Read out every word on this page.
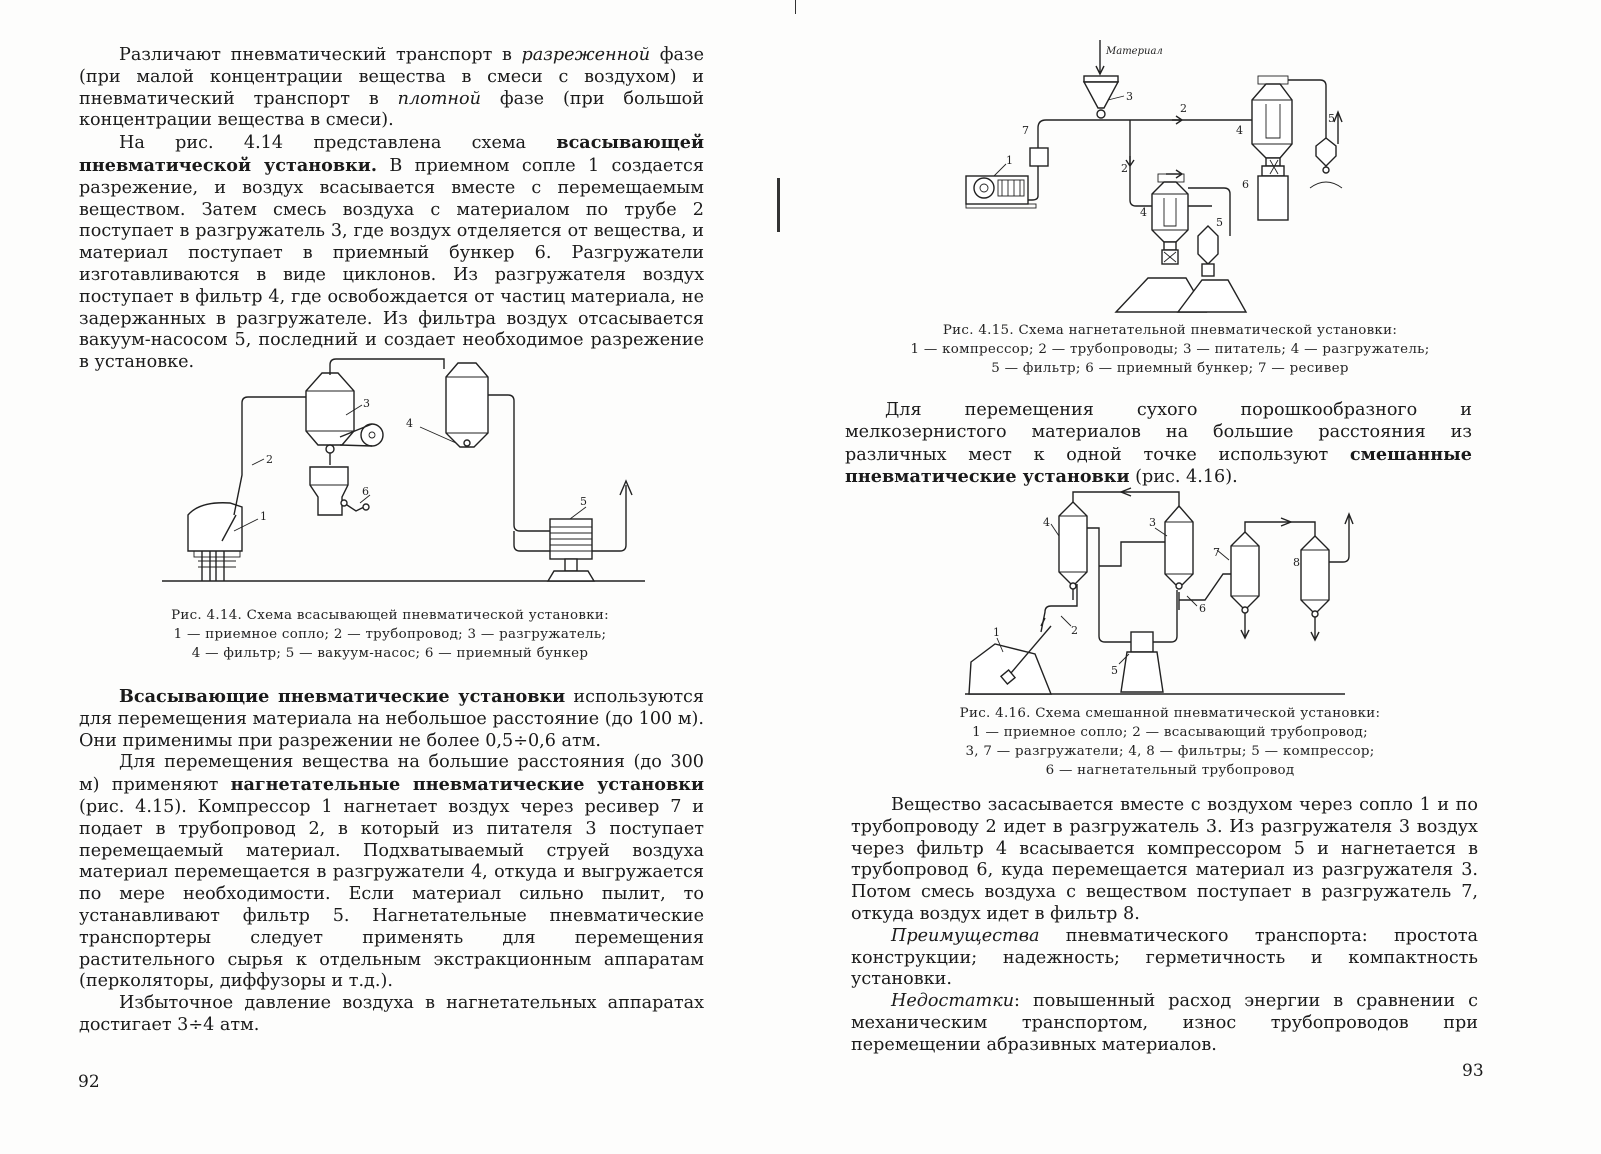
Различают пневматический транспорт в разреженной фазе (при малой концентрации вещества в смеси с воздухом) и пневматический транспорт в плотной фазе (при большой концентрации вещества в смеси).

На рис. 4.14 представлена схема всасывающей пневматической установки. В приемном сопле 1 создается разрежение, и воздух всасывается вместе с перемещаемым веществом. Затем смесь воздуха с материалом по трубе 2 поступает в разгружатель 3, где воздух отделяется от вещества, и материал поступает в приемный бункер 6. Разгружатели изготавливаются в виде циклонов. Из разгружателя воздух поступает в фильтр 4, где освобождается от частиц материала, не задержанных в разгружателе. Из фильтра воздух отсасывается вакуум-насосом 5, последний и создает необходимое разрежение в установке.

3
4
2
6
1
5
Рис. 4.14. Схема всасывающей пневматической установки:
1 — приемное сопло; 2 — трубопровод; 3 — разгружатель;
4 — фильтр; 5 — вакуум-насос; 6 — приемный бункер

Всасывающие пневматические установки используются для перемещения материала на небольшое расстояние (до 100 м). Они применимы при разрежении не более 0,5÷0,6 атм.

Для перемещения вещества на большие расстояния (до 300 м) применяют нагнетательные пневматические установки (рис. 4.15). Компрессор 1 нагнетает воздух через ресивер 7 и подает в трубопровод 2, в который из питателя 3 поступает перемещаемый материал. Подхватываемый струей воздуха материал перемещается в разгружатели 4, откуда и выгружается по мере необходимости. Если материал сильно пылит, то устанавливают фильтр 5. Нагнетательные пневматические транспортеры следует применять для перемещения растительного сырья к отдельным экстракционным аппаратам (перколяторы, диффузоры и т.д.).

Избыточное давление воздуха в нагнетательных аппаратах достигает 3÷4 атм.

92
Материал
3
2
2
7
1
4
6
5
4
5
Рис. 4.15. Схема нагнетательной пневматической установки:
1 — компрессор; 2 — трубопроводы; 3 — питатель; 4 — разгружатель;
5 — фильтр; 6 — приемный бункер; 7 — ресивер

Для перемещения сухого порошкообразного и мелкозернистого материалов на большие расстояния из различных мест к одной точке используют смешанные пневматические установки (рис. 4.16).

1	2
4	3
5
6
7
8
Рис. 4.16. Схема смешанной пневматической установки:
1 — приемное сопло; 2 — всасывающий трубопровод;
3, 7 — разгружатели; 4, 8 — фильтры; 5 — компрессор;
6 — нагнетательный трубопровод

Вещество засасывается вместе с воздухом через сопло 1 и по трубопроводу 2 идет в разгружатель 3. Из разгружателя 3 воздух через фильтр 4 всасывается компрессором 5 и нагнетается в трубопровод 6, куда перемещается материал из разгружателя 3. Потом смесь воздуха с веществом поступает в разгружатель 7, откуда воздух идет в фильтр 8.

Преимущества пневматического транспорта: простота конструкции; надежность; герметичность и компактность установки.

Недостатки: повышенный расход энергии в сравнении с механическим транспортом, износ трубопроводов при перемещении абразивных материалов.

93
